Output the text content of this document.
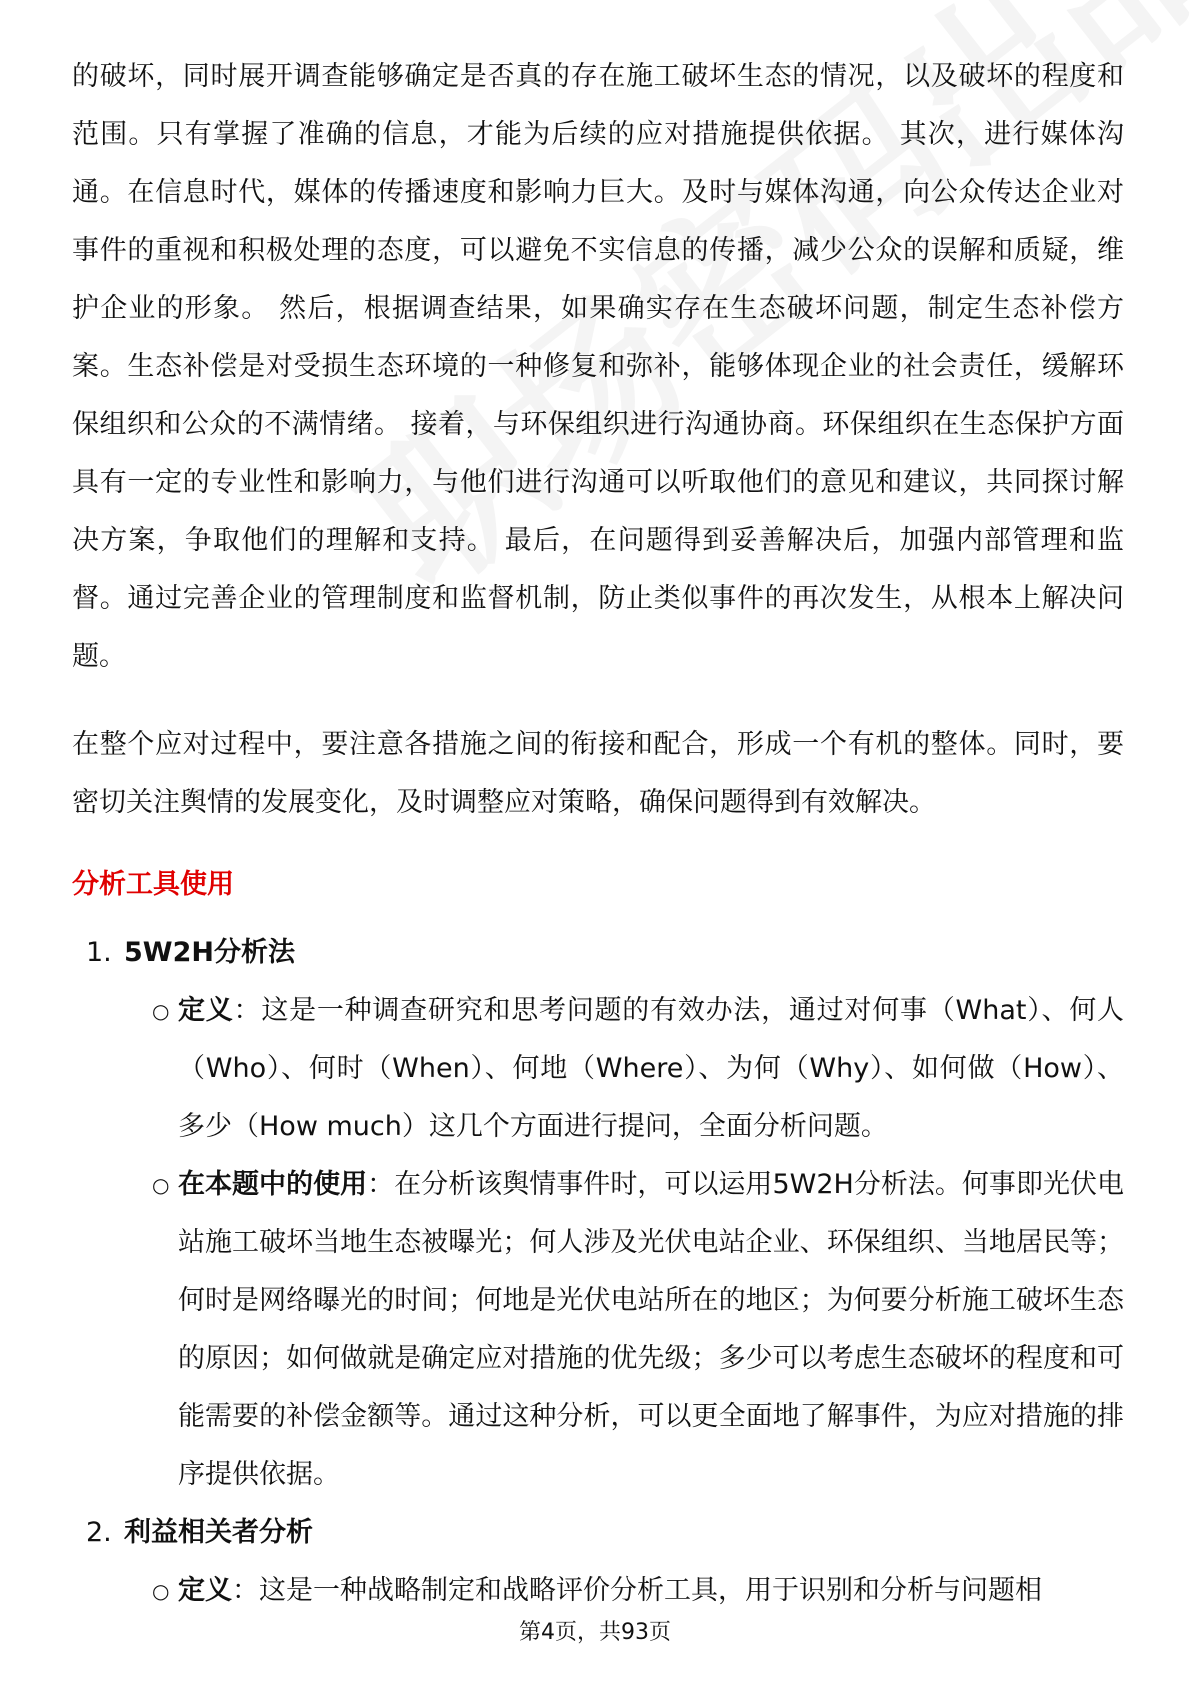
的破坏，同时展开调查能够确定是否真的存在施工破坏生态的情况，以及破坏的程度和范围。只有掌握了准确的信息，才能为后续的应对措施提供依据。 其次，进行媒体沟通。在信息时代，媒体的传播速度和影响力巨大。及时与媒体沟通，向公众传达企业对事件的重视和积极处理的态度，可以避免不实信息的传播，减少公众的误解和质疑，维护企业的形象。 然后，根据调查结果，如果确实存在生态破坏问题，制定生态补偿方案。生态补偿是对受损生态环境的一种修复和弥补，能够体现企业的社会责任，缓解环保组织和公众的不满情绪。 接着，与环保组织进行沟通协商。环保组织在生态保护方面具有一定的专业性和影响力，与他们进行沟通可以听取他们的意见和建议，共同探讨解决方案，争取他们的理解和支持。 最后，在问题得到妥善解决后，加强内部管理和监督。通过完善企业的管理制度和监督机制，防止类似事件的再次发生，从根本上解决问题。

在整个应对过程中，要注意各措施之间的衔接和配合，形成一个有机的整体。同时，要密切关注舆情的发展变化，及时调整应对策略，确保问题得到有效解决。

分析工具使用

1. 5W2H分析法

○ 定义：这是一种调查研究和思考问题的有效办法，通过对何事（What）、何人（Who）、何时（When）、何地（Where）、为何（Why）、如何做（How）、多少（How much）这几个方面进行提问，全面分析问题。

○ 在本题中的使用：在分析该舆情事件时，可以运用5W2H分析法。何事即光伏电站施工破坏当地生态被曝光；何人涉及光伏电站企业、环保组织、当地居民等；何时是网络曝光的时间；何地是光伏电站所在的地区；为何要分析施工破坏生态的原因；如何做就是确定应对措施的优先级；多少可以考虑生态破坏的程度和可能需要的补偿金额等。通过这种分析，可以更全面地了解事件，为应对措施的排序提供依据。

2. 利益相关者分析

○ 定义：这是一种战略制定和战略评价分析工具，用于识别和分析与问题相

第4页，共93页
